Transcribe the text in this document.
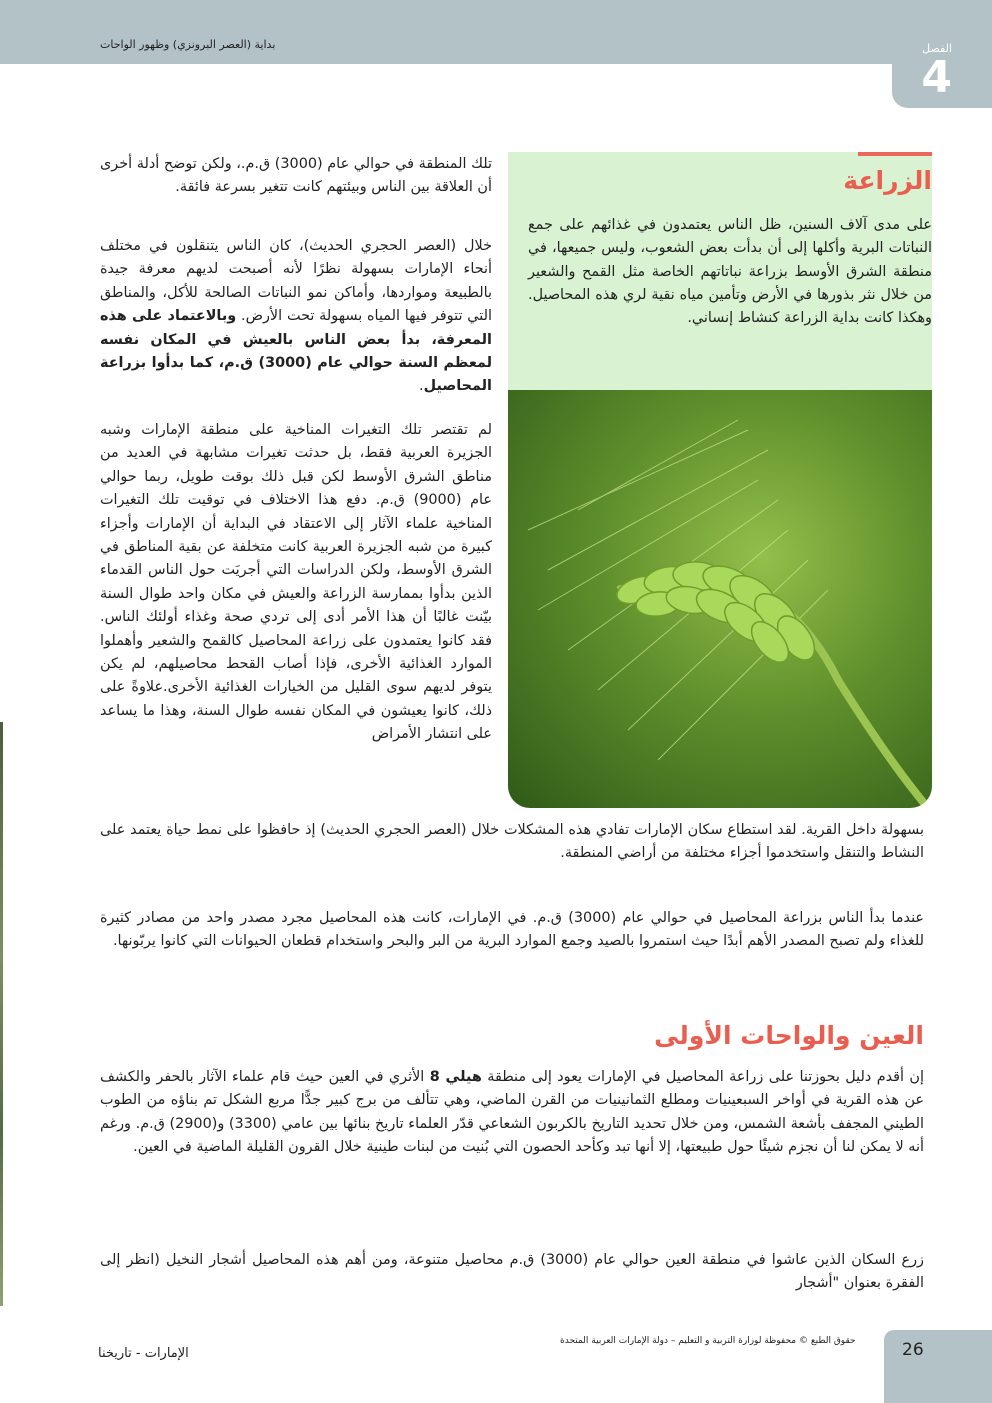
بداية (العصر البرونزي) وظهور الواحات	الفصل
4
الزراعة

على مدى آلاف السنين، ظل الناس يعتمدون في غذائهم على جمع النباتات البرية وأكلها إلى أن بدأت بعض الشعوب، وليس جميعها، في منطقة الشرق الأوسط بزراعة نباتاتهم الخاصة مثل القمح والشعير من خلال نثر بذورها في الأرض وتأمين مياه نقية لري هذه المحاصيل. وهكذا كانت بداية الزراعة كنشاط إنساني.

تلك المنطقة في حوالي عام (3000) ق.م.، ولكن توضح أدلة أخرى أن العلاقة بين الناس وبيئتهم كانت تتغير بسرعة فائقة.

خلال (العصر الحجري الحديث)، كان الناس يتنقلون في مختلف أنحاء الإمارات بسهولة نظرًا لأنه أصبحت لديهم معرفة جيدة بالطبيعة ومواردها، وأماكن نمو النباتات الصالحة للأكل، والمناطق التي تتوفر فيها المياه بسهولة تحت الأرض. وبالاعتماد على هذه المعرفة، بدأ بعض الناس بالعيش في المكان نفسه لمعظم السنة حوالي عام (3000) ق.م، كما بدأوا بزراعة المحاصيل.

لم تقتصر تلك التغيرات المناخية على منطقة الإمارات وشبه الجزيرة العربية فقط، بل حدثت تغيرات مشابهة في العديد من مناطق الشرق الأوسط لكن قبل ذلك بوقت طويل، ربما حوالي عام (9000) ق.م. دفع هذا الاختلاف في توقيت تلك التغيرات المناخية علماء الآثار إلى الاعتقاد في البداية أن الإمارات وأجزاء كبيرة من شبه الجزيرة العربية كانت متخلفة عن بقية المناطق في الشرق الأوسط، ولكن الدراسات التي أجريَت حول الناس القدماء الذين بدأوا بممارسة الزراعة والعيش في مكان واحد طوال السنة بيّنت غالبًا أن هذا الأمر أدى إلى تردي صحة وغذاء أولئك الناس. فقد كانوا يعتمدون على زراعة المحاصيل كالقمح والشعير وأهملوا الموارد الغذائية الأخرى، فإذا أصاب القحط محاصيلهم، لم يكن يتوفر لديهم سوى القليل من الخيارات الغذائية الأخرى.علاوةً على ذلك، كانوا يعيشون في المكان نفسه طوال السنة، وهذا ما يساعد على انتشار الأمراض

بسهولة داخل القرية. لقد استطاع سكان الإمارات تفادي هذه المشكلات خلال (العصر الحجري الحديث) إذ حافظوا على نمط حياة يعتمد على النشاط والتنقل واستخدموا أجزاء مختلفة من أراضي المنطقة.

عندما بدأ الناس بزراعة المحاصيل في حوالي عام (3000) ق.م. في الإمارات، كانت هذه المحاصيل مجرد مصدر واحد من مصادر كثيرة للغذاء ولم تصبح المصدر الأهم أبدًا حيث استمروا بالصيد وجمع الموارد البرية من البر والبحر واستخدام قطعان الحيوانات التي كانوا يربّونها.

العين والواحات الأولى

إن أقدم دليل بحوزتنا على زراعة المحاصيل في الإمارات يعود إلى منطقة هيلي 8 الأثري في العين حيث قام علماء الآثار بالحفر والكشف عن هذه القرية في أواخر السبعينيات ومطلع الثمانينيات من القرن الماضي، وهي تتألف من برج كبير جدًّا مربع الشكل تم بناؤه من الطوب الطيني المجفف بأشعة الشمس، ومن خلال تحديد التاريخ بالكربون الشعاعي قدّر العلماء تاريخ بنائها بين عامي (3300) و(2900) ق.م. ورغم أنه لا يمكن لنا أن نجزم شيئًا حول طبيعتها، إلا أنها تبد وكأحد الحصون التي بُنيت من لبنات طينية خلال القرون القليلة الماضية في العين.

زرع السكان الذين عاشوا في منطقة العين حوالي عام (3000) ق.م محاصيل متنوعة، ومن أهم هذه المحاصيل أشجار النخيل (انظر إلى الفقرة بعنوان "أشجار

حقوق الطبع © محفوظة لوزارة التربية و التعليم – دولة الإمارات العربية المتحدة
الإمارات - تاريخنا	26
